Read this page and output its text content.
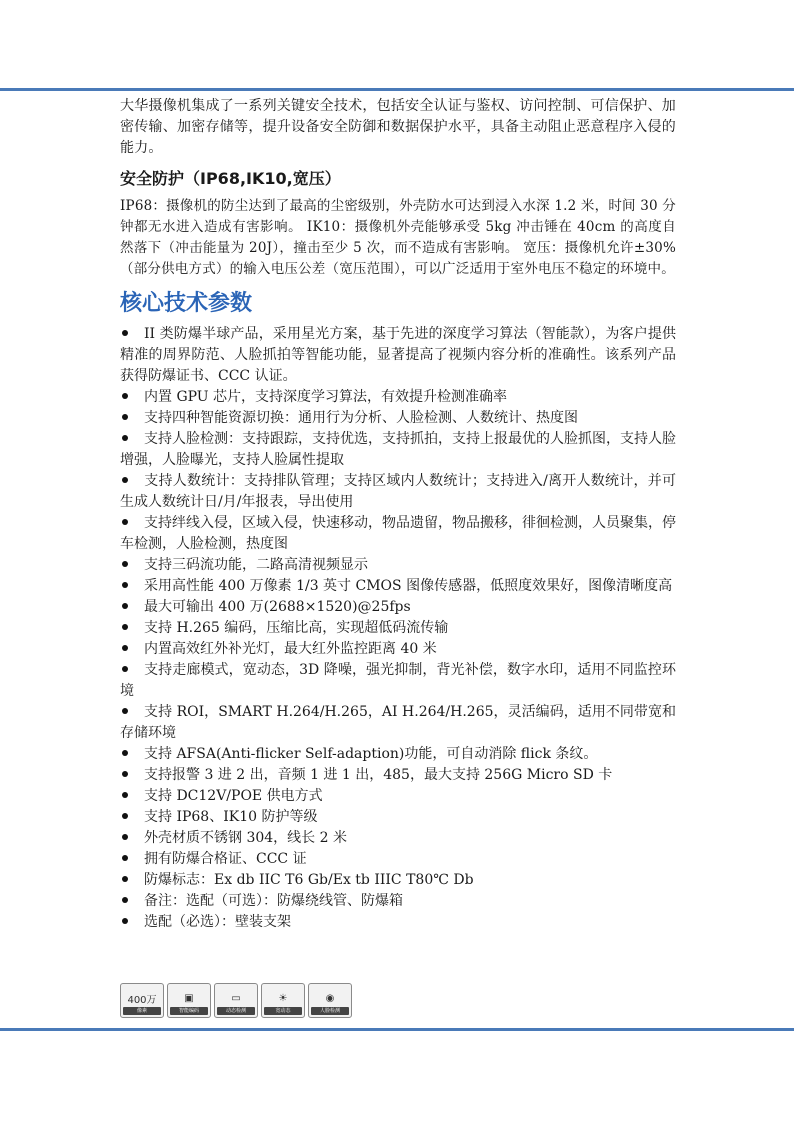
大华摄像机集成了一系列关键安全技术，包括安全认证与鉴权、访问控制、可信保护、加密传输、加密存储等，提升设备安全防御和数据保护水平，具备主动阻止恶意程序入侵的能力。

安全防护（IP68,IK10,宽压）

IP68：摄像机的防尘达到了最高的尘密级别，外壳防水可达到浸入水深 1.2 米，时间 30 分钟都无水进入造成有害影响。 IK10：摄像机外壳能够承受 5kg 冲击锤在 40cm 的高度自然落下（冲击能量为 20J），撞击至少 5 次，而不造成有害影响。 宽压：摄像机允许±30%（部分供电方式）的输入电压公差（宽压范围），可以广泛适用于室外电压不稳定的环境中。

核心技术参数
II 类防爆半球产品，采用星光方案，基于先进的深度学习算法（智能款），为客户提供精准的周界防范、人脸抓拍等智能功能，显著提高了视频内容分析的准确性。该系列产品获得防爆证书、CCC 认证。
内置 GPU 芯片，支持深度学习算法，有效提升检测准确率
支持四种智能资源切换：通用行为分析、人脸检测、人数统计、热度图
支持人脸检测：支持跟踪，支持优选，支持抓拍，支持上报最优的人脸抓图，支持人脸增强，人脸曝光，支持人脸属性提取
支持人数统计：支持排队管理；支持区域内人数统计；支持进入/离开人数统计，并可生成人数统计日/月/年报表，导出使用
支持绊线入侵，区域入侵，快速移动，物品遗留，物品搬移，徘徊检测，人员聚集，停车检测，人脸检测，热度图
支持三码流功能，二路高清视频显示
采用高性能 400 万像素 1/3 英寸 CMOS 图像传感器，低照度效果好，图像清晰度高
最大可输出 400 万(2688×1520)@25fps
支持 H.265 编码，压缩比高，实现超低码流传输
内置高效红外补光灯，最大红外监控距离 40 米
支持走廊模式，宽动态，3D 降噪，强光抑制，背光补偿，数字水印，适用不同监控环境
支持 ROI，SMART H.264/H.265，AI H.264/H.265，灵活编码，适用不同带宽和存储环境
支持 AFSA(Anti-flicker Self-adaption)功能，可自动消除 flick 条纹。
支持报警 3 进 2 出，音频 1 进 1 出，485，最大支持 256G Micro SD 卡
支持 DC12V/POE 供电方式
支持 IP68、IK10 防护等级
外壳材质不锈钢 304，线长 2 米
拥有防爆合格证、CCC 证
防爆标志：Ex db IIC T6 Gb/Ex tb IIIC T80℃ Db
备注：选配（可选）：防爆绕线管、防爆箱
选配（必选）：壁装支架
400万
像素
▣
智能编码
▭
动态检测
☀
宽动态
◉
人脸检测
